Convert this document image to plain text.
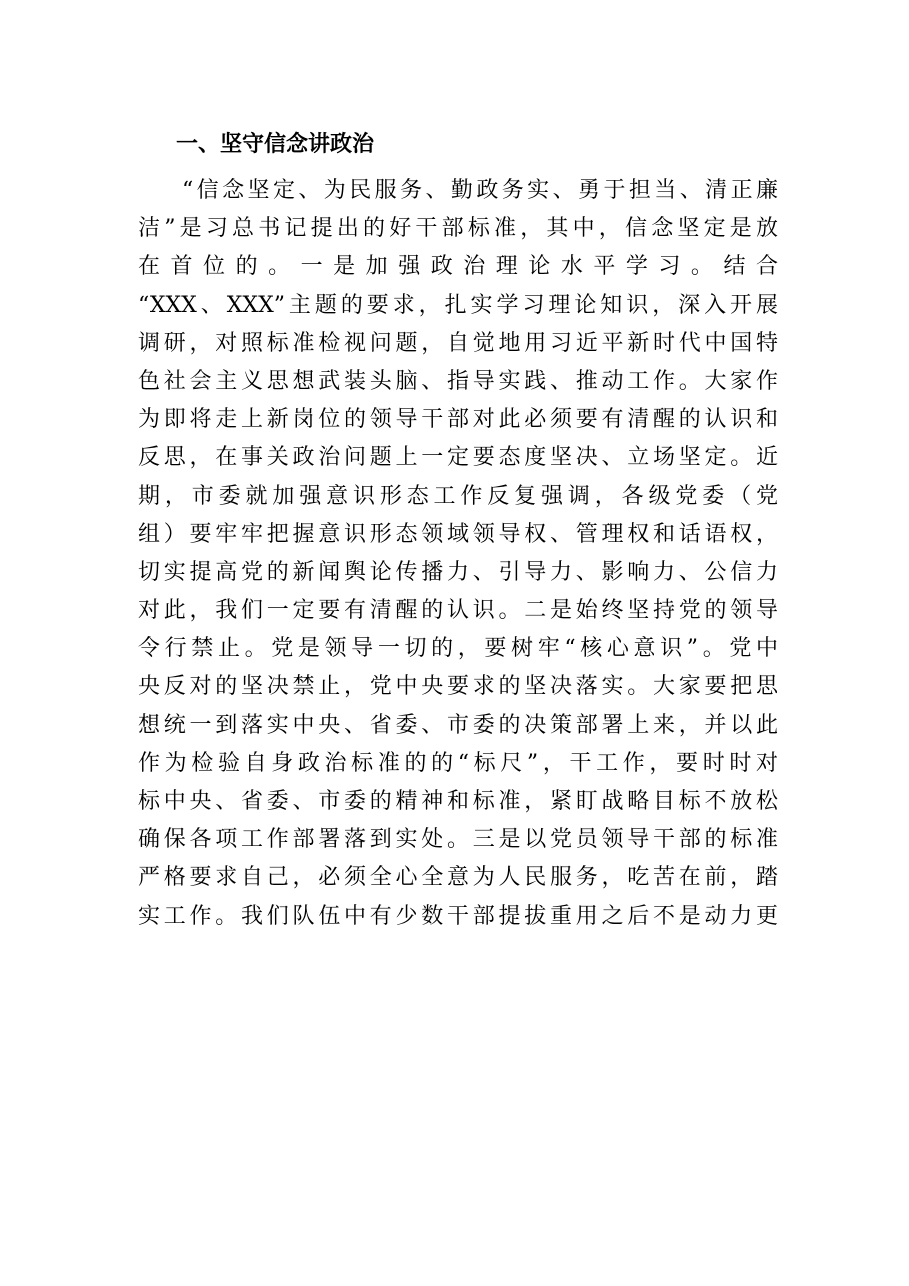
一、坚守信念讲政治
“信念坚定、为民服务、勤政务实、勇于担当、清正廉
洁”是习总书记提出的好干部标准，其中，信念坚定是放
在首位的。一是加强政治理论水平学习。结合
“XXX、XXX”主题的要求，扎实学习理论知识，深入开展
调研，对照标准检视问题，自觉地用习近平新时代中国特
色社会主义思想武装头脑、指导实践、推动工作。大家作
为即将走上新岗位的领导干部对此必须要有清醒的认识和
反思，在事关政治问题上一定要态度坚决、立场坚定。近
期，市委就加强意识形态工作反复强调，各级党委（党
组）要牢牢把握意识形态领域领导权、管理权和话语权，
切实提高党的新闻舆论传播力、引导力、影响力、公信力
对此，我们一定要有清醒的认识。二是始终坚持党的领导
令行禁止。党是领导一切的，要树牢“核心意识”。党中
央反对的坚决禁止，党中央要求的坚决落实。大家要把思
想统一到落实中央、省委、市委的决策部署上来，并以此
作为检验自身政治标准的的“标尺”，干工作，要时时对
标中央、省委、市委的精神和标准，紧盯战略目标不放松
确保各项工作部署落到实处。三是以党员领导干部的标准
严格要求自己，必须全心全意为人民服务，吃苦在前，踏
实工作。我们队伍中有少数干部提拔重用之后不是动力更
